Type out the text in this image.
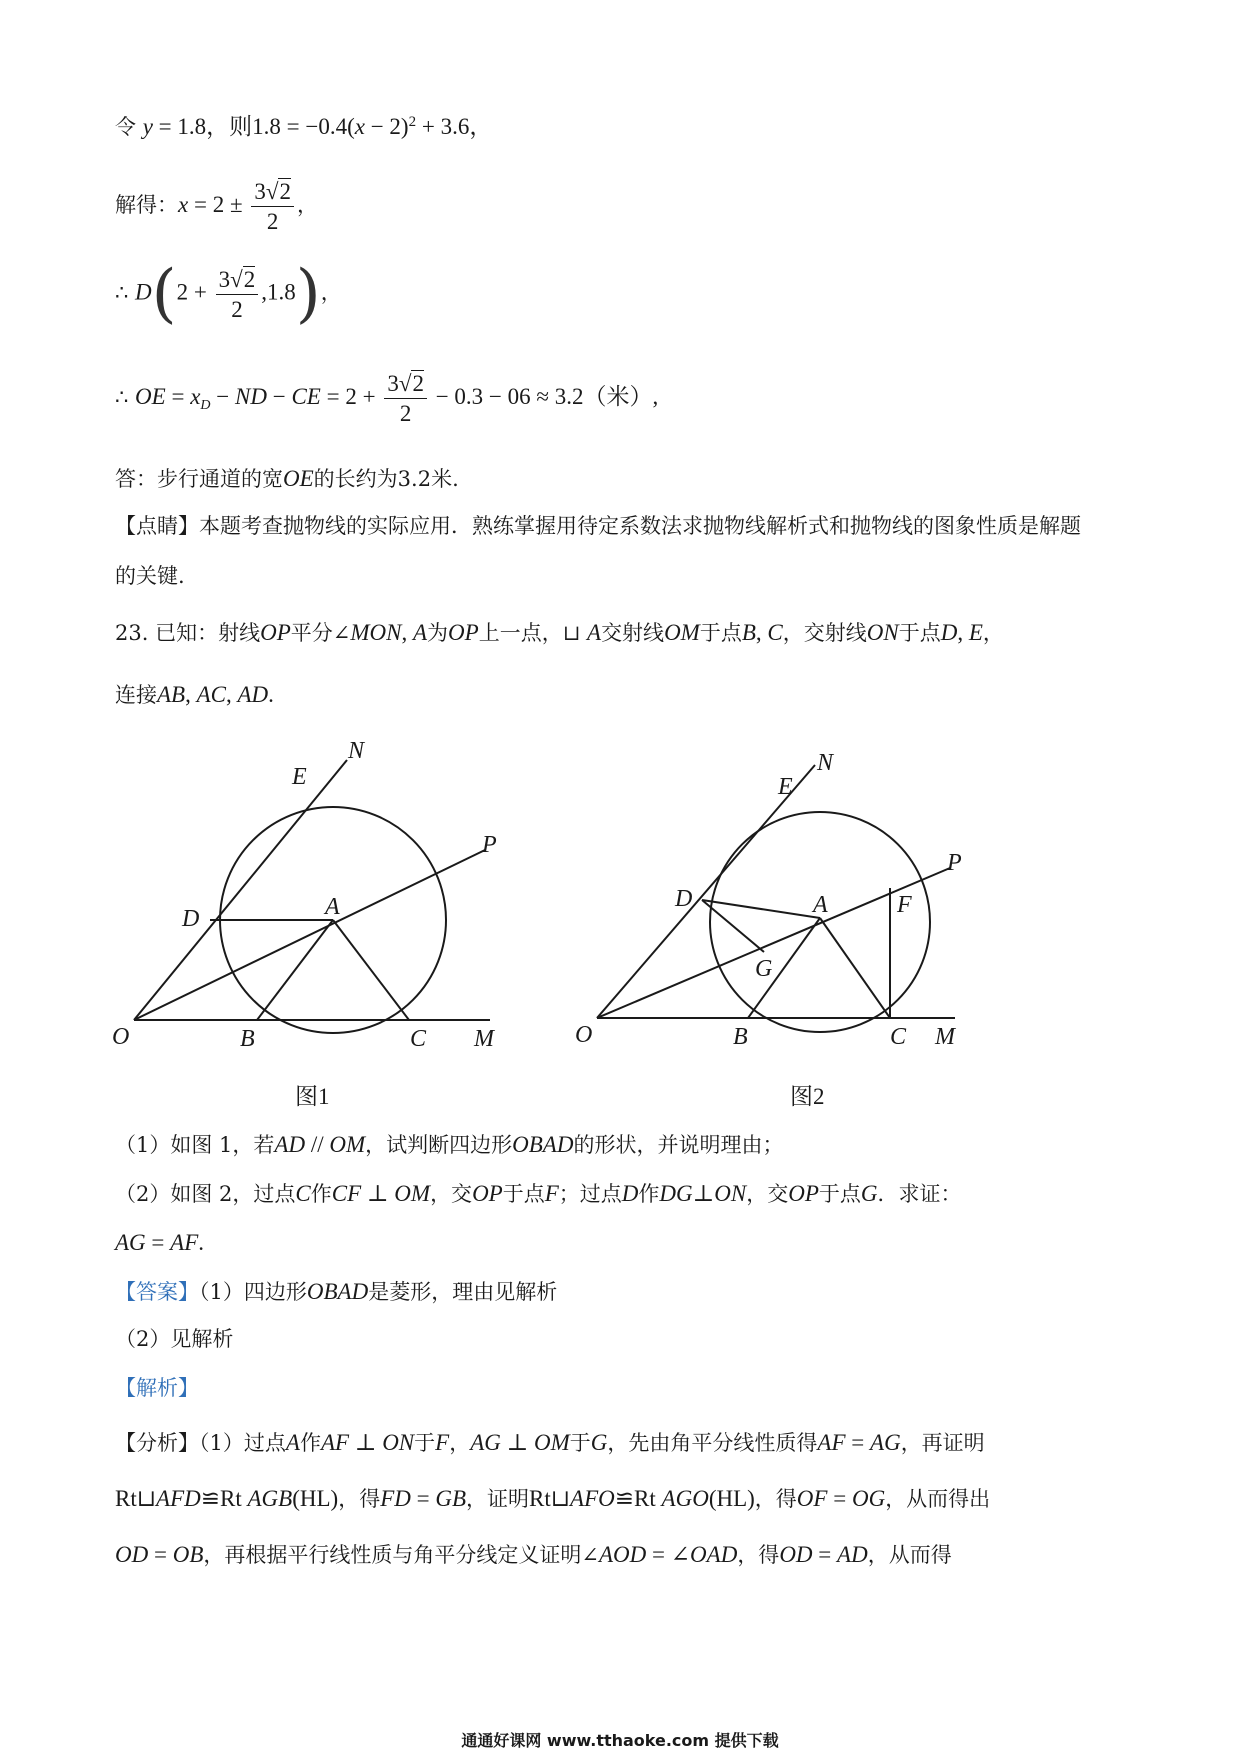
令 y = 1.8，则$1.8 = -0.4(x - 2)^2 + 3.6$，
解得：$x = 2 \pm \frac{3√2}{2}$ ，
∴ $D(2 + \frac{3√2}{2} ,1.8)$，
∴ OE = $x_D$ − ND − CE = $2 + \frac{3√2}{2} - 0.3 - 06 \approx 3.2$（米）,
答：步行通道的宽OE的长约为3.2米.
【点睛】本题考查抛物线的实际应用．熟练掌握用待定系数法求抛物线解析式和抛物线的图象性质是解题
的关键.
23. 已知：射线OP平分∠MON, A为OP上一点，⊔ A交射线OM于点B, C，交射线ON于点D, E，
连接AB, AC, AD.
N
E
P
D	A
O	B	C M
图1
N
E
P
D	A	F
G
O	B	C M
图2
（1）如图 1，若AD // OM，试判断四边形OBAD的形状，并说明理由；
（2）如图 2，过点C作CF ⊥ OM，交OP于点F；过点D作DG⊥ON，交OP于点G．求证：
AG = AF.
【答案】（1）四边形OBAD是菱形，理由见解析
（2）见解析
【解析】
【分析】（1）过点A作AF ⊥ ON于F，AG ⊥ OM于G，先由角平分线性质得AF = AG，再证明
Rt⊔AFD≌Rt AGB(HL)，得FD = GB，证明Rt⊔AFO≌Rt AGO(HL)，得OF = OG，从而得出
OD = OB，再根据平行线性质与角平分线定义证明∠AOD = ∠OAD，得OD = AD，从而得
通通好课网 www.tthaoke.com 提供下载
